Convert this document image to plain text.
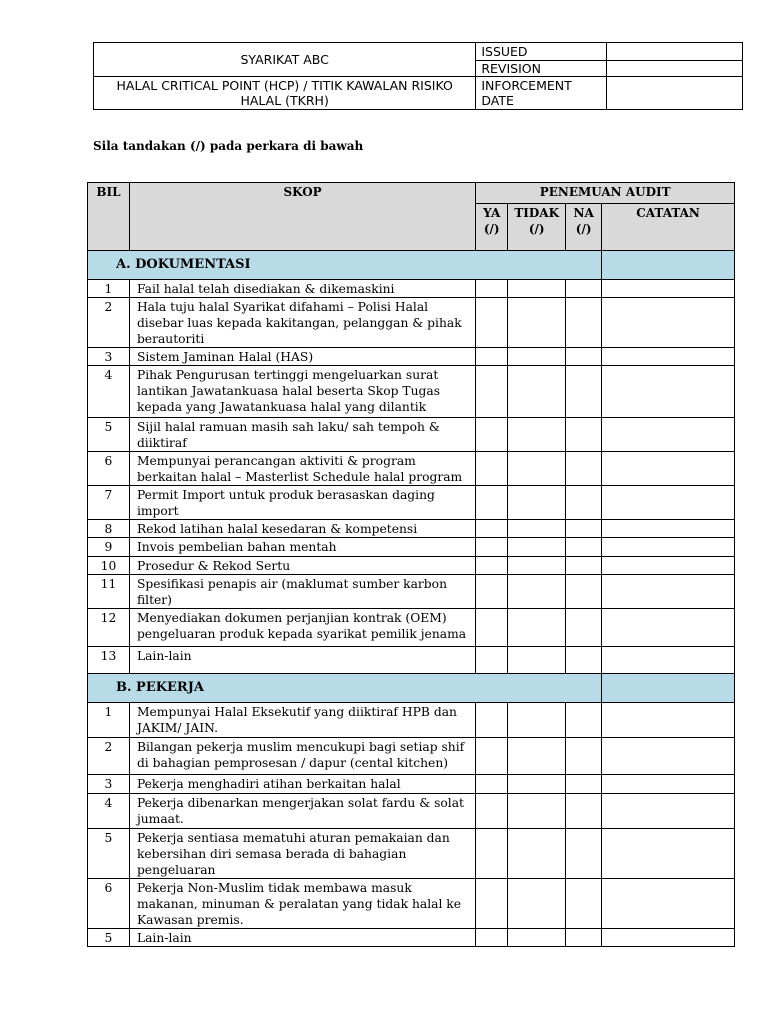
SYARIKAT ABC	ISSUED	
	REVISION	
HALAL CRITICAL POINT (HCP) / TITIK KAWALAN RISIKO HALAL (TKRH)	INFORCEMENT DATE	
Sila tandakan (/) pada perkara di bawah
BIL	SKOP	PENEMUAN AUDIT			
		YA (/)	TIDAK (/)	NA (/)	CATATAN
A. DOKUMENTASI					
1	Fail halal telah disediakan & dikemaskini				
2	Hala tuju halal Syarikat difahami – Polisi Halal disebar luas kepada kakitangan, pelanggan & pihak berautoriti				
3	Sistem Jaminan Halal (HAS)				
4	Pihak Pengurusan tertinggi mengeluarkan surat lantikan Jawatankuasa halal beserta Skop Tugas kepada yang Jawatankuasa halal yang dilantik				
5	Sijil halal ramuan masih sah laku/ sah tempoh & diiktiraf				
6	Mempunyai perancangan aktiviti & program berkaitan halal – Masterlist Schedule halal program				
7	Permit Import untuk produk berasaskan daging import				
8	Rekod latihan halal kesedaran & kompetensi				
9	Invois pembelian bahan mentah				
10	Prosedur & Rekod Sertu				
11	Spesifikasi penapis air (maklumat sumber karbon filter)				
12	Menyediakan dokumen perjanjian kontrak (OEM) pengeluaran produk kepada syarikat pemilik jenama				
13	Lain-lain				
B. PEKERJA					
1	Mempunyai Halal Eksekutif yang diiktiraf HPB dan JAKIM/ JAIN.				
2	Bilangan pekerja muslim mencukupi bagi setiap shif di bahagian pemprosesan / dapur (cental kitchen)				
3	Pekerja menghadiri atihan berkaitan halal				
4	Pekerja dibenarkan mengerjakan solat fardu & solat jumaat.				
5	Pekerja sentiasa mematuhi aturan pemakaian dan kebersihan diri semasa berada di bahagian pengeluaran				
6	Pekerja Non-Muslim tidak membawa masuk makanan, minuman & peralatan yang tidak halal ke Kawasan premis.				
5	Lain-lain				
